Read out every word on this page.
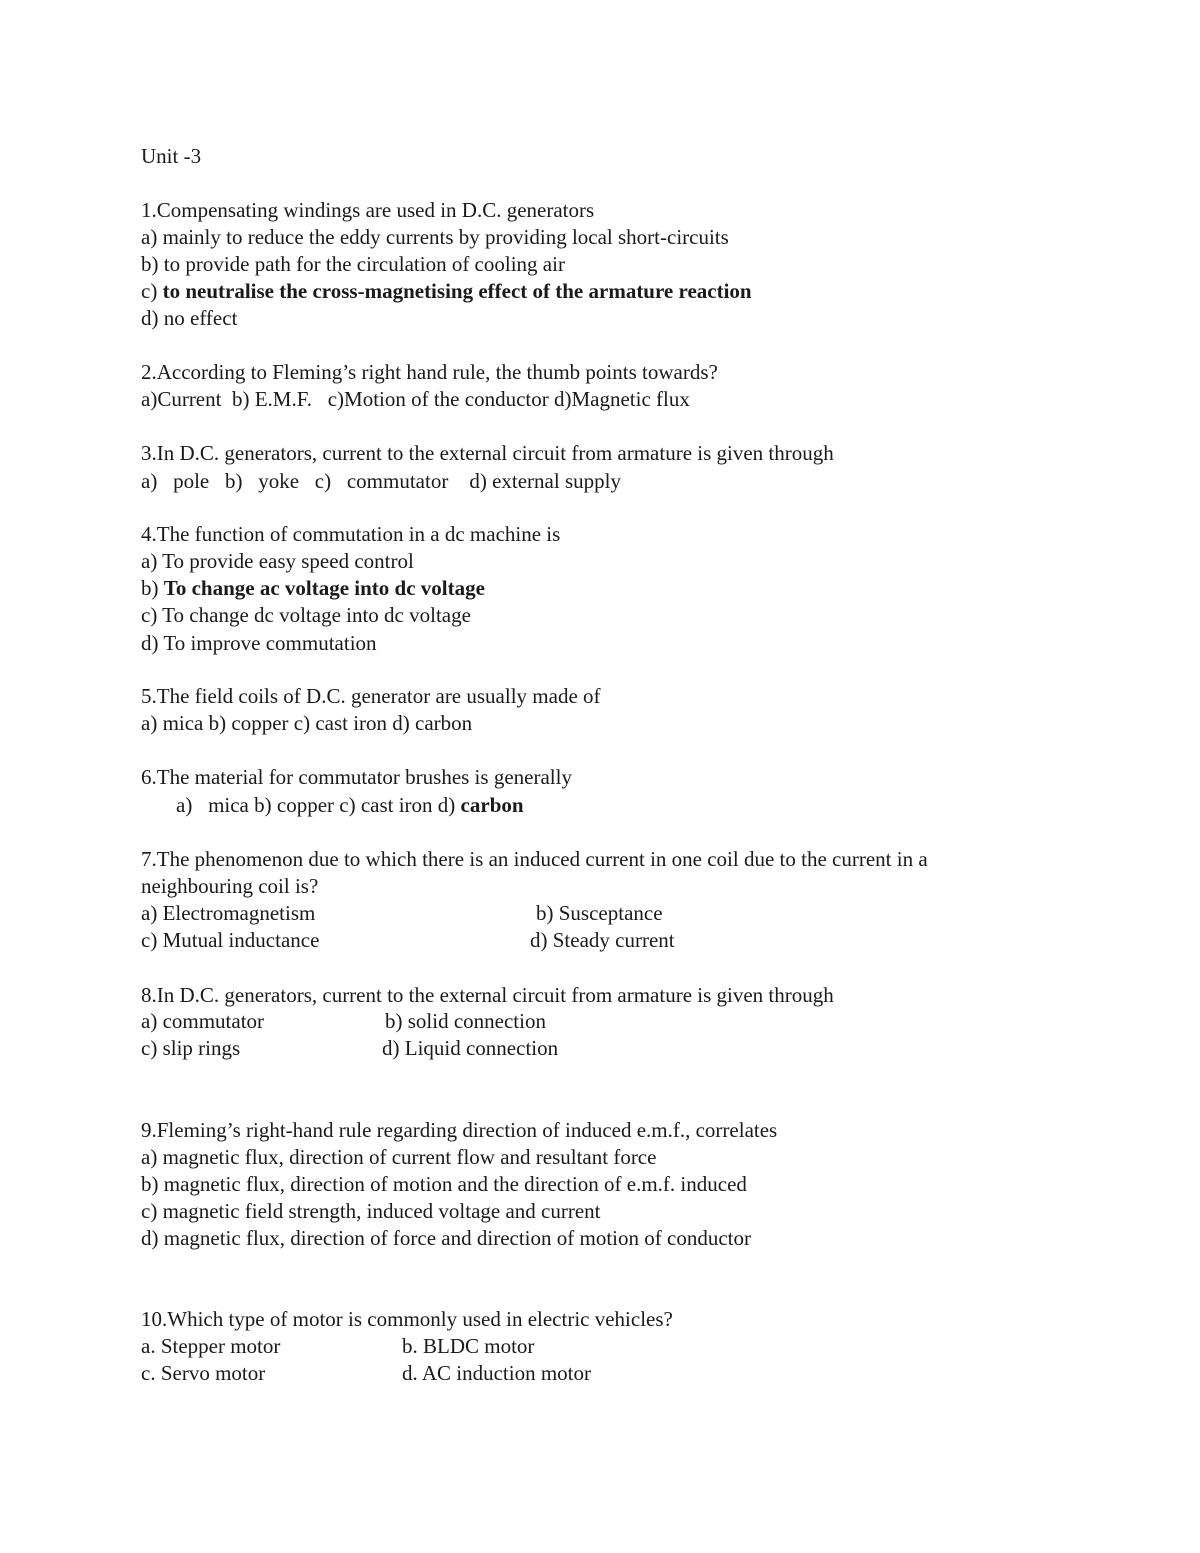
Unit -3
1.Compensating windings are used in D.C. generators
a) mainly to reduce the eddy currents by providing local short-circuits
b) to provide path for the circulation of cooling air
c) to neutralise the cross-magnetising effect of the armature reaction
d) no effect
2.According to Fleming’s right hand rule, the thumb points towards?
a)Current  b) E.M.F.   c)Motion of the conductor d)Magnetic flux
3.In D.C. generators, current to the external circuit from armature is given through
a)   pole   b)   yoke   c)   commutator    d) external supply
4.The function of commutation in a dc machine is
a) To provide easy speed control
b) To change ac voltage into dc voltage
c) To change dc voltage into dc voltage
d) To improve commutation
5.The field coils of D.C. generator are usually made of
a) mica b) copper c) cast iron d) carbon
6.The material for commutator brushes is generally
a)   mica b) copper c) cast iron d) carbon
7.The phenomenon due to which there is an induced current in one coil due to the current in a
neighbouring coil is?
a) Electromagnetism	b) Susceptance
c) Mutual inductance	d) Steady current
8.In D.C. generators, current to the external circuit from armature is given through
a) commutator	b) solid connection
c) slip rings	d) Liquid connection
9.Fleming’s right-hand rule regarding direction of induced e.m.f., correlates
a) magnetic flux, direction of current flow and resultant force
b) magnetic flux, direction of motion and the direction of e.m.f. induced
c) magnetic field strength, induced voltage and current
d) magnetic flux, direction of force and direction of motion of conductor
10.Which type of motor is commonly used in electric vehicles?
a. Stepper motor	b. BLDC motor
c. Servo motor	d. AC induction motor
